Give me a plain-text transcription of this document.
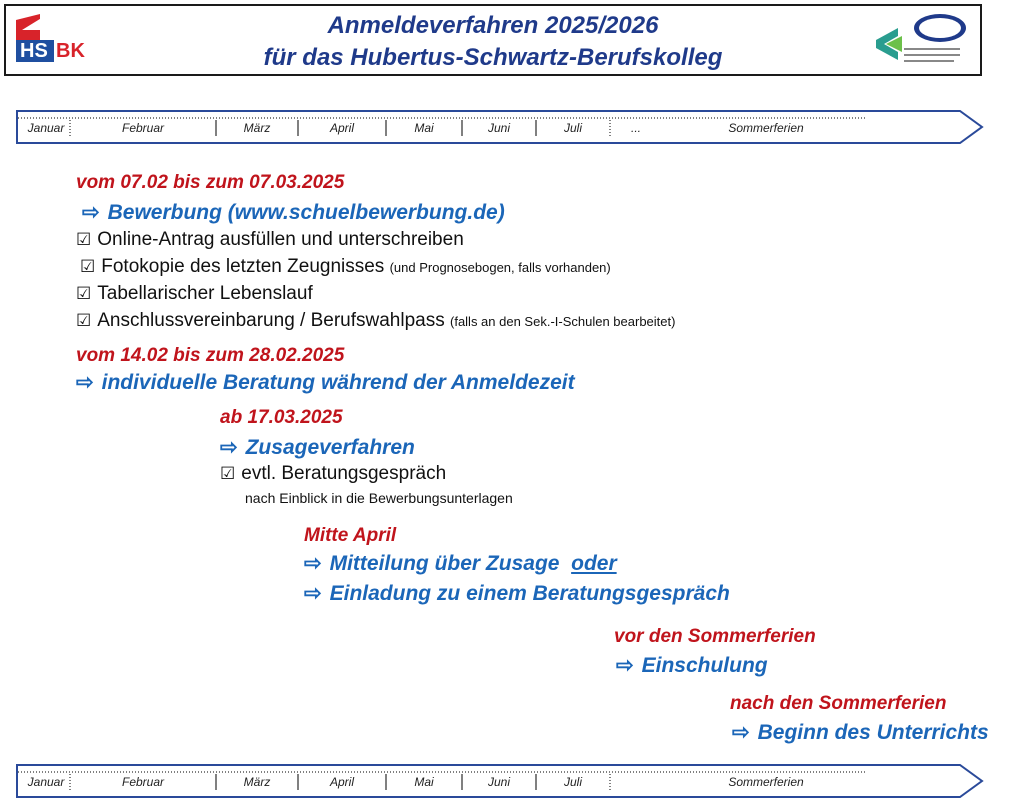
Anmeldeverfahren 2025/2026
für das Hubertus-Schwartz-Berufskolleg
HS BK
Januar	Februar	März	April	Mai	Juni	Juli	...	Sommerferien
vom 07.02 bis zum 07.03.2025
⇨ Bewerbung (www.schuelbewerbung.de)
☑ Online-Antrag ausfüllen und unterschreiben
☑ Fotokopie des letzten Zeugnisses (und Prognosebogen, falls vorhanden)
☑ Tabellarischer Lebenslauf
☑ Anschlussvereinbarung / Berufswahlpass (falls an den Sek.-I-Schulen bearbeitet)
vom 14.02 bis zum 28.02.2025
⇨ individuelle Beratung während der Anmeldezeit
ab 17.03.2025
⇨ Zusageverfahren
☑ evtl. Beratungsgespräch
nach Einblick in die Bewerbungsunterlagen
Mitte April
⇨ Mitteilung über Zusage oder
⇨ Einladung zu einem Beratungsgespräch
vor den Sommerferien
⇨ Einschulung
nach den Sommerferien
⇨ Beginn des Unterrichts
Januar	Februar	März	April	Mai	Juni	Juli	Sommerferien
